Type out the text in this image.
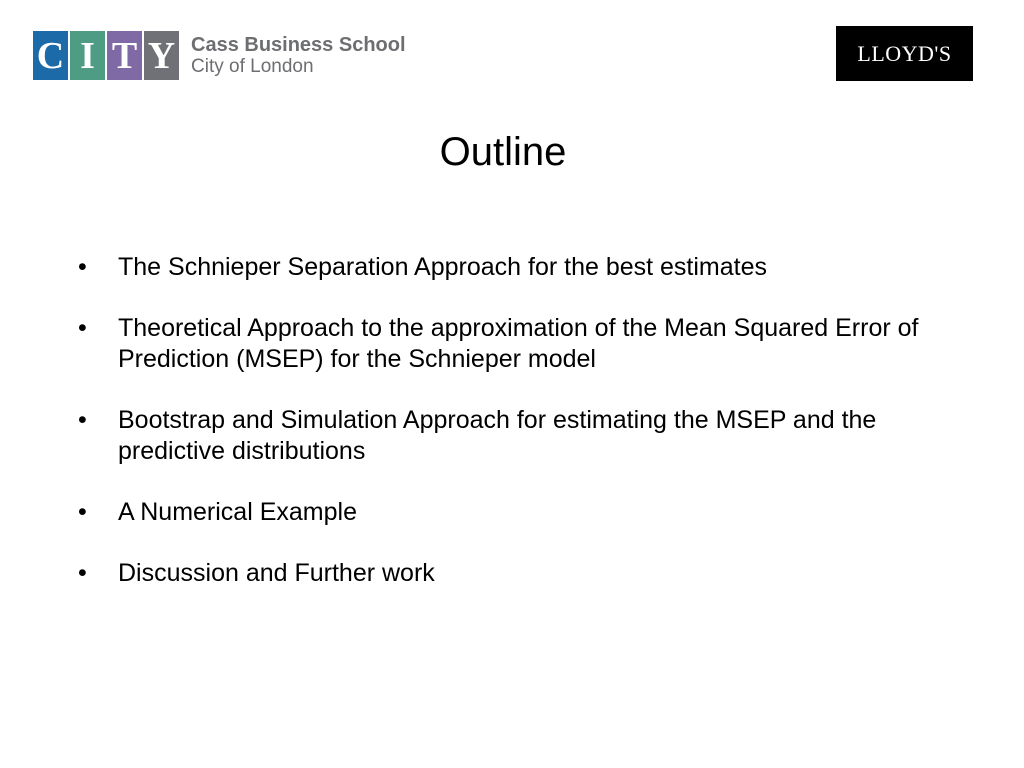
C I T Y Cass Business School
City of London
LLOYD'S
Outline
•	The Schnieper Separation Approach for the best estimates
•	Theoretical Approach to the approximation of the Mean Squared Error of Prediction (MSEP) for the Schnieper model
•	Bootstrap and Simulation Approach for estimating the MSEP and the predictive distributions
•	A Numerical Example
•	Discussion and Further work
